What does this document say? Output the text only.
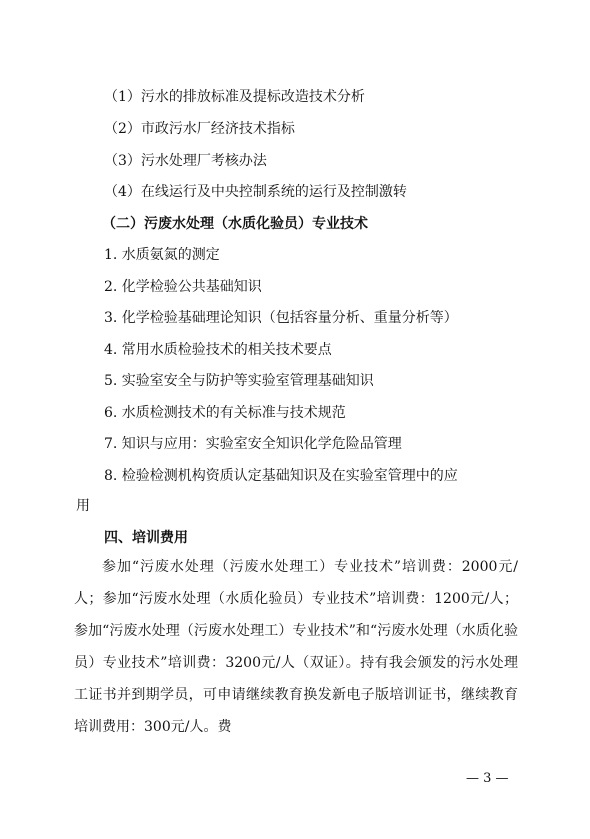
（1）污水的排放标准及提标改造技术分析
（2）市政污水厂经济技术指标
（3）污水处理厂考核办法
（4）在线运行及中央控制系统的运行及控制激转
（二）污废水处理（水质化验员）专业技术
1. 水质氨氮的测定
2. 化学检验公共基础知识
3. 化学检验基础理论知识（包括容量分析、重量分析等）
4. 常用水质检验技术的相关技术要点
5. 实验室安全与防护等实验室管理基础知识
6. 水质检测技术的有关标准与技术规范
7. 知识与应用：实验室安全知识化学危险品管理
8. 检验检测机构资质认定基础知识及在实验室管理中的应
用
四、培训费用
参加“污废水处理（污废水处理工）专业技术”培训费：2000元/人；参加“污废水处理（水质化验员）专业技术”培训费：1200元/人；参加“污废水处理（污废水处理工）专业技术”和“污废水处理（水质化验员）专业技术”培训费：3200元/人（双证）。持有我会颁发的污水处理工证书并到期学员，可申请继续教育换发新电子版培训证书，继续教育培训费用：300元/人。费
— 3 —
